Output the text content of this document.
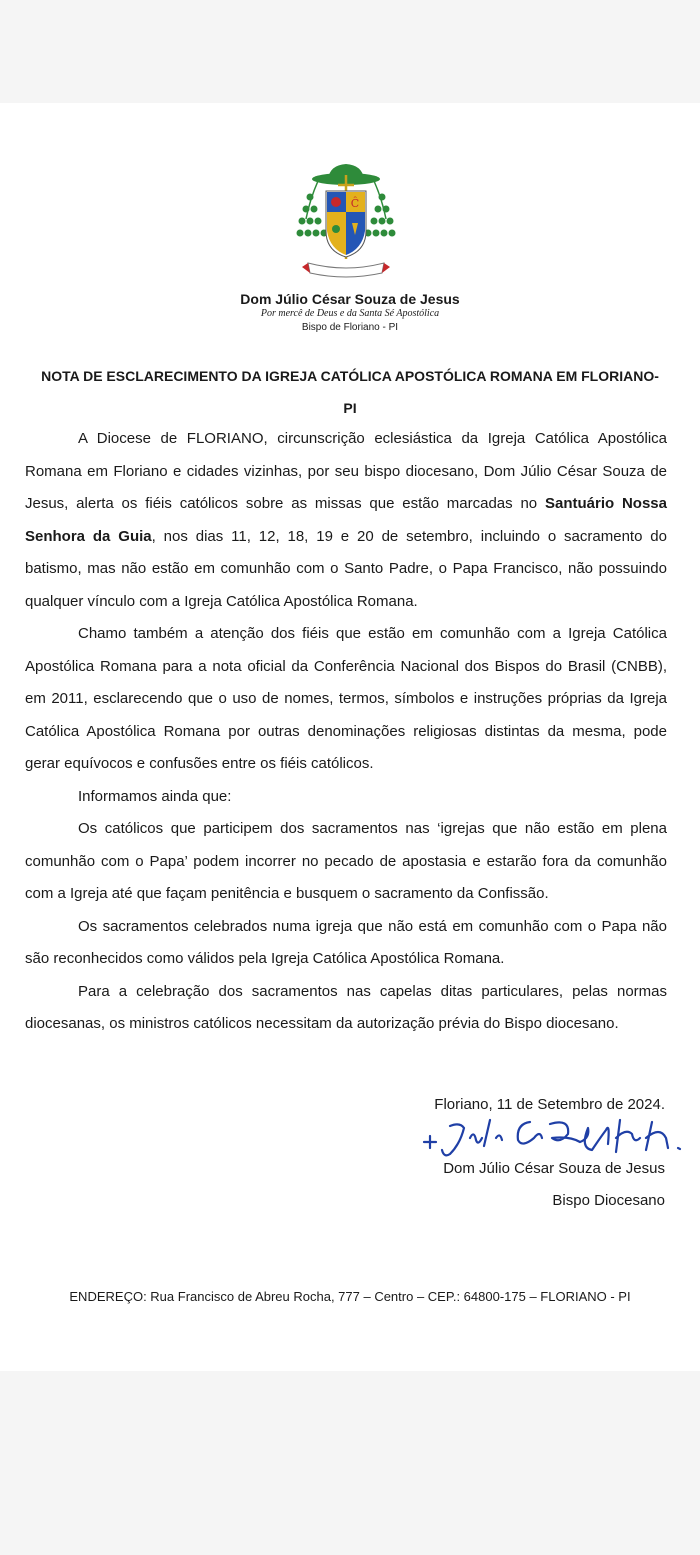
Ĉ
Dom Júlio César Souza de Jesus
Por mercê de Deus e da Santa Sé Apostólica
Bispo de Floriano - PI
NOTA DE ESCLARECIMENTO DA IGREJA CATÓLICA APOSTÓLICA ROMANA EM FLORIANO-PI

A Diocese de FLORIANO, circunscrição eclesiástica da Igreja Católica Apostólica Romana em Floriano e cidades vizinhas, por seu bispo diocesano, Dom Júlio César Souza de Jesus, alerta os fiéis católicos sobre as missas que estão marcadas no Santuário Nossa Senhora da Guia, nos dias 11, 12, 18, 19 e 20 de setembro, incluindo o sacramento do batismo, mas não estão em comunhão com o Santo Padre, o Papa Francisco, não possuindo qualquer vínculo com a Igreja Católica Apostólica Romana.

Chamo também a atenção dos fiéis que estão em comunhão com a Igreja Católica Apostólica Romana para a nota oficial da Conferência Nacional dos Bispos do Brasil (CNBB), em 2011, esclarecendo que o uso de nomes, termos, símbolos e instruções próprias da Igreja Católica Apostólica Romana por outras denominações religiosas distintas da mesma, pode gerar equívocos e confusões entre os fiéis católicos.

Informamos ainda que:

Os católicos que participem dos sacramentos nas ‘igrejas que não estão em plena comunhão com o Papa’ podem incorrer no pecado de apostasia e estarão fora da comunhão com a Igreja até que façam penitência e busquem o sacramento da Confissão.

Os sacramentos celebrados numa igreja que não está em comunhão com o Papa não são reconhecidos como válidos pela Igreja Católica Apostólica Romana.

Para a celebração dos sacramentos nas capelas ditas particulares, pelas normas diocesanas, os ministros católicos necessitam da autorização prévia do Bispo diocesano.

Floriano, 11 de Setembro de 2024.
Dom Júlio César Souza de Jesus
Bispo Diocesano
ENDEREÇO: Rua Francisco de Abreu Rocha, 777 – Centro – CEP.: 64800-175 – FLORIANO - PI
